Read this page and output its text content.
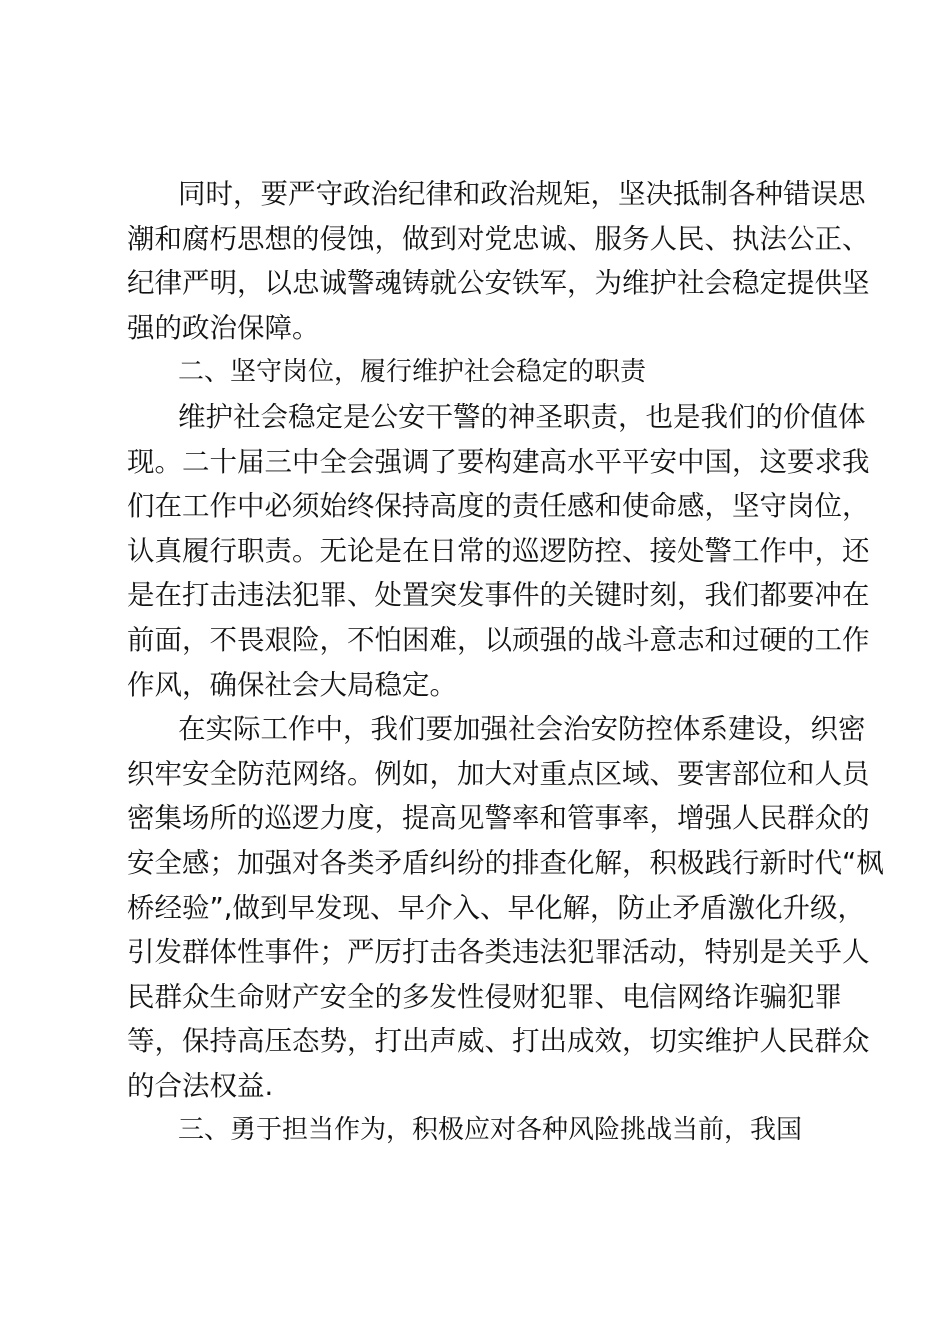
同时，要严守政治纪律和政治规矩，坚决抵制各种错误思
潮和腐朽思想的侵蚀，做到对党忠诚、服务人民、执法公正、
纪律严明，以忠诚警魂铸就公安铁军，为维护社会稳定提供坚
强的政治保障。
二、坚守岗位，履行维护社会稳定的职责
维护社会稳定是公安干警的神圣职责，也是我们的价值体
现。二十届三中全会强调了要构建高水平平安中国，这要求我
们在工作中必须始终保持高度的责任感和使命感，坚守岗位，
认真履行职责。无论是在日常的巡逻防控、接处警工作中，还
是在打击违法犯罪、处置突发事件的关键时刻，我们都要冲在
前面，不畏艰险，不怕困难，以顽强的战斗意志和过硬的工作
作风，确保社会大局稳定。
在实际工作中，我们要加强社会治安防控体系建设，织密
织牢安全防范网络。例如，加大对重点区域、要害部位和人员
密集场所的巡逻力度，提高见警率和管事率，增强人民群众的
安全感；加强对各类矛盾纠纷的排查化解，积极践行新时代“枫
桥经验”,做到早发现、早介入、早化解，防止矛盾激化升级，
引发群体性事件；严厉打击各类违法犯罪活动，特别是关乎人
民群众生命财产安全的多发性侵财犯罪、电信网络诈骗犯罪
等，保持高压态势，打出声威、打出成效，切实维护人民群众
的合法权益.
三、勇于担当作为，积极应对各种风险挑战当前，我国
